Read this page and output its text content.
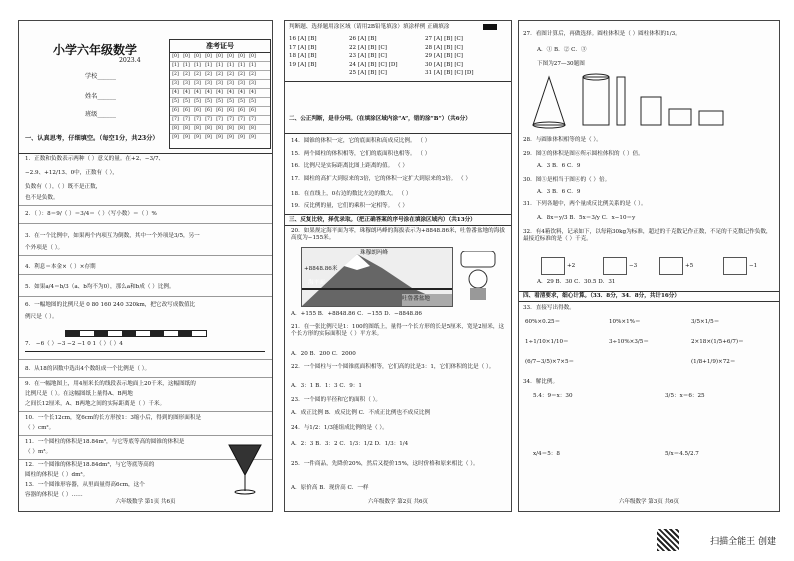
小学六年级数学
2023.4
学校______
姓名______
班级______
准考证号
[0] [0] [0] [0] [0] [0] [0] [0]
[1] [1] [1] [1] [1] [1] [1] [1]
[2] [2] [2] [2] [2] [2] [2] [2]
[3] [3] [3] [3] [3] [3] [3] [3]
[4] [4] [4] [4] [4] [4] [4] [4]
[5] [5] [5] [5] [5] [5] [5] [5]
[6] [6] [6] [6] [6] [6] [6] [6]
[7] [7] [7] [7] [7] [7] [7] [7]
[8] [8] [8] [8] [8] [8] [8] [8]
[9] [9] [9] [9] [9] [9] [9] [9]
一、认真思考，仔细填空。（每空1分，共23分）
1．正数和负数表示两种（ ）意义的量。在+2、−3/7、
−2.9、+12/13、0中，正数有（ ），
负数有（ ），（ ）既不是正数，
也不是负数。
2．（ ）：8＝9/（ ）＝3/4＝（ ）（写小数）＝（ ）%
3．在一个比例中，如果两个内项互为倒数，其中一个外项是3/5，另一
个外项是（ ）。
4．利息＝本金×（ ）×存期
5．如果a/4＝b/3（a、b均不为0），那么a和b成（ ）比例。
6．一幅地图的比例尺是 0 80 160 240 320km，把它改写成数值比
例尺是（ ）。
7． −6（ ）−3 −2 −1 0 1（ ）（ ）4
8．从18的因数中选出4个数组成一个比例是（ ）。
9．在一幅地图上，用4厘米长的线段表示地面上20千米，这幅图纸的
比例尺是（ ）。在这幅图纸上量得A、B两地
之间长12厘米，A、B两地之间的实际距离是（ ）千米。
10．一个长12cm，宽6cm的长方形按1：3缩小后，得到的图形面积是
（ ）cm²。
11．一个圆柱的体积是18.84m³，与它等底等高的圆锥的体积是
（ ）m³。
12．一个圆锥的体积是18.84dm³，与它等底等高的
圆柱的体积是（ ）dm³。
13．一个圆锥形容器，从里面量得高6cm，这个
容器的体积是（ ）……
六年级数学 第1页 共6页
判断题、选择题用涂区域（请用2B铅笔填涂）填涂样例 正确填涂
16 [A] [B]	26 [A] [B]	27 [A] [B] [C]
17 [A] [B]	22 [A] [B] [C]	28 [A] [B] [C]
18 [A] [B]	23 [A] [B] [C]	29 [A] [B] [C]
19 [A] [B]	24 [A] [B] [C] [D]	30 [A] [B] [C]
25 [A] [B] [C]	31 [A] [B] [C] [D]
二、公正判断，是非分明。（在填涂区域内涂“A”，错的涂“B”）（共6分）
14．圆锥的体积一定，它的底面积和高成反比例。 （ ）
15．两个圆柱的体积相等，它们的底面积也相等。 （ ）
16．比例尺是实际距离比图上距离的值。 （ ）
17．圆柱的高扩大到原来的3倍，它的体积一定扩大到原来的3倍。 （ ）
18．在直线上，0右边的数比左边的数大。 （ ）
19．反比例的量，它们的乘积一定相等。 （ ）
三、反复比较，择优录取。（把正确答案的序号涂在填涂区域内）（共13分）
20．如果规定海平面为零，珠穆朗玛峰的海拔表示为+8848.86米，吐鲁番盆地的海拔高度为−155米。
珠穆朗玛峰
+8848.86米
海平面
吐鲁番盆地
A．+155 B．+8848.86 C．−155 D．−8848.86
21．在一张比例尺是1：100的图纸上，量得一个长方形的长是5厘米，宽是2厘米，这个长方形的实际面积是（ ）平方米。
A．20 B．200 C．2000
22．一个圆柱与一个圆锥底面积相等，它们高的比是3：1，它们体积的比是（ ）。
A．3：1 B．1：3 C．9：1
23．一个圆的半径和它的面积（ ）。
A．成正比例 B．成反比例 C．不成正比例也不成反比例
24．与1/2：1/3能组成比例的是（ ）。
A．2：3 B．3：2 C．1/3：1/2 D．1/3：1/4
25．一件商品，先降价20%，然后又提价15%，这时价格和原来相比（ ）。
A．原价高 B．现价高 C．一样
六年级数学 第2页 共6页
27．看图计算后，再做选择。圆柱体积是（ ）圆柱体积的1/3。
A．① B．② C．③
下图为27—30题图
28．与圆锥体积相等的是（ ）。
29．图③的体积是图⑥所示圆柱体积的（ ）倍。
A．3 B．6 C．9
30．图⑤是相当于图④的（ ）倍。
A．3 B．6 C．9
31．下列各题中，两个量成反比例关系的是（ ）。
A．8x＝y/3 B．5x＝3/y C．x−10＝y
32．有4箱饮料，记录如下，以每箱30kg为标准，超过的千克数记作正数，不足的千克数记作负数，最接近标准的是（ ）千克。
+2	−3	+5	−1
A．29 B．30 C．30.5 D．31
四、看清要求，细心计算。（33．8分，34．8分，共计16分）
33．直接写出得数。
60%×0.25＝	10%×1%＝	3/5×1/5＝
1÷1/10×1/10＝	3÷10%×3/5＝	2×18×(1/5+6/7)＝
(6/7−3/5)×7×5＝	(1/8+1/9)×72＝
34．解比例。
5.4：9＝x：30	3/5：x＝6：25
x/4＝5：8	5/x＝4.5/2.7
六年级数学 第3页 共6页
扫描全能王 创建
